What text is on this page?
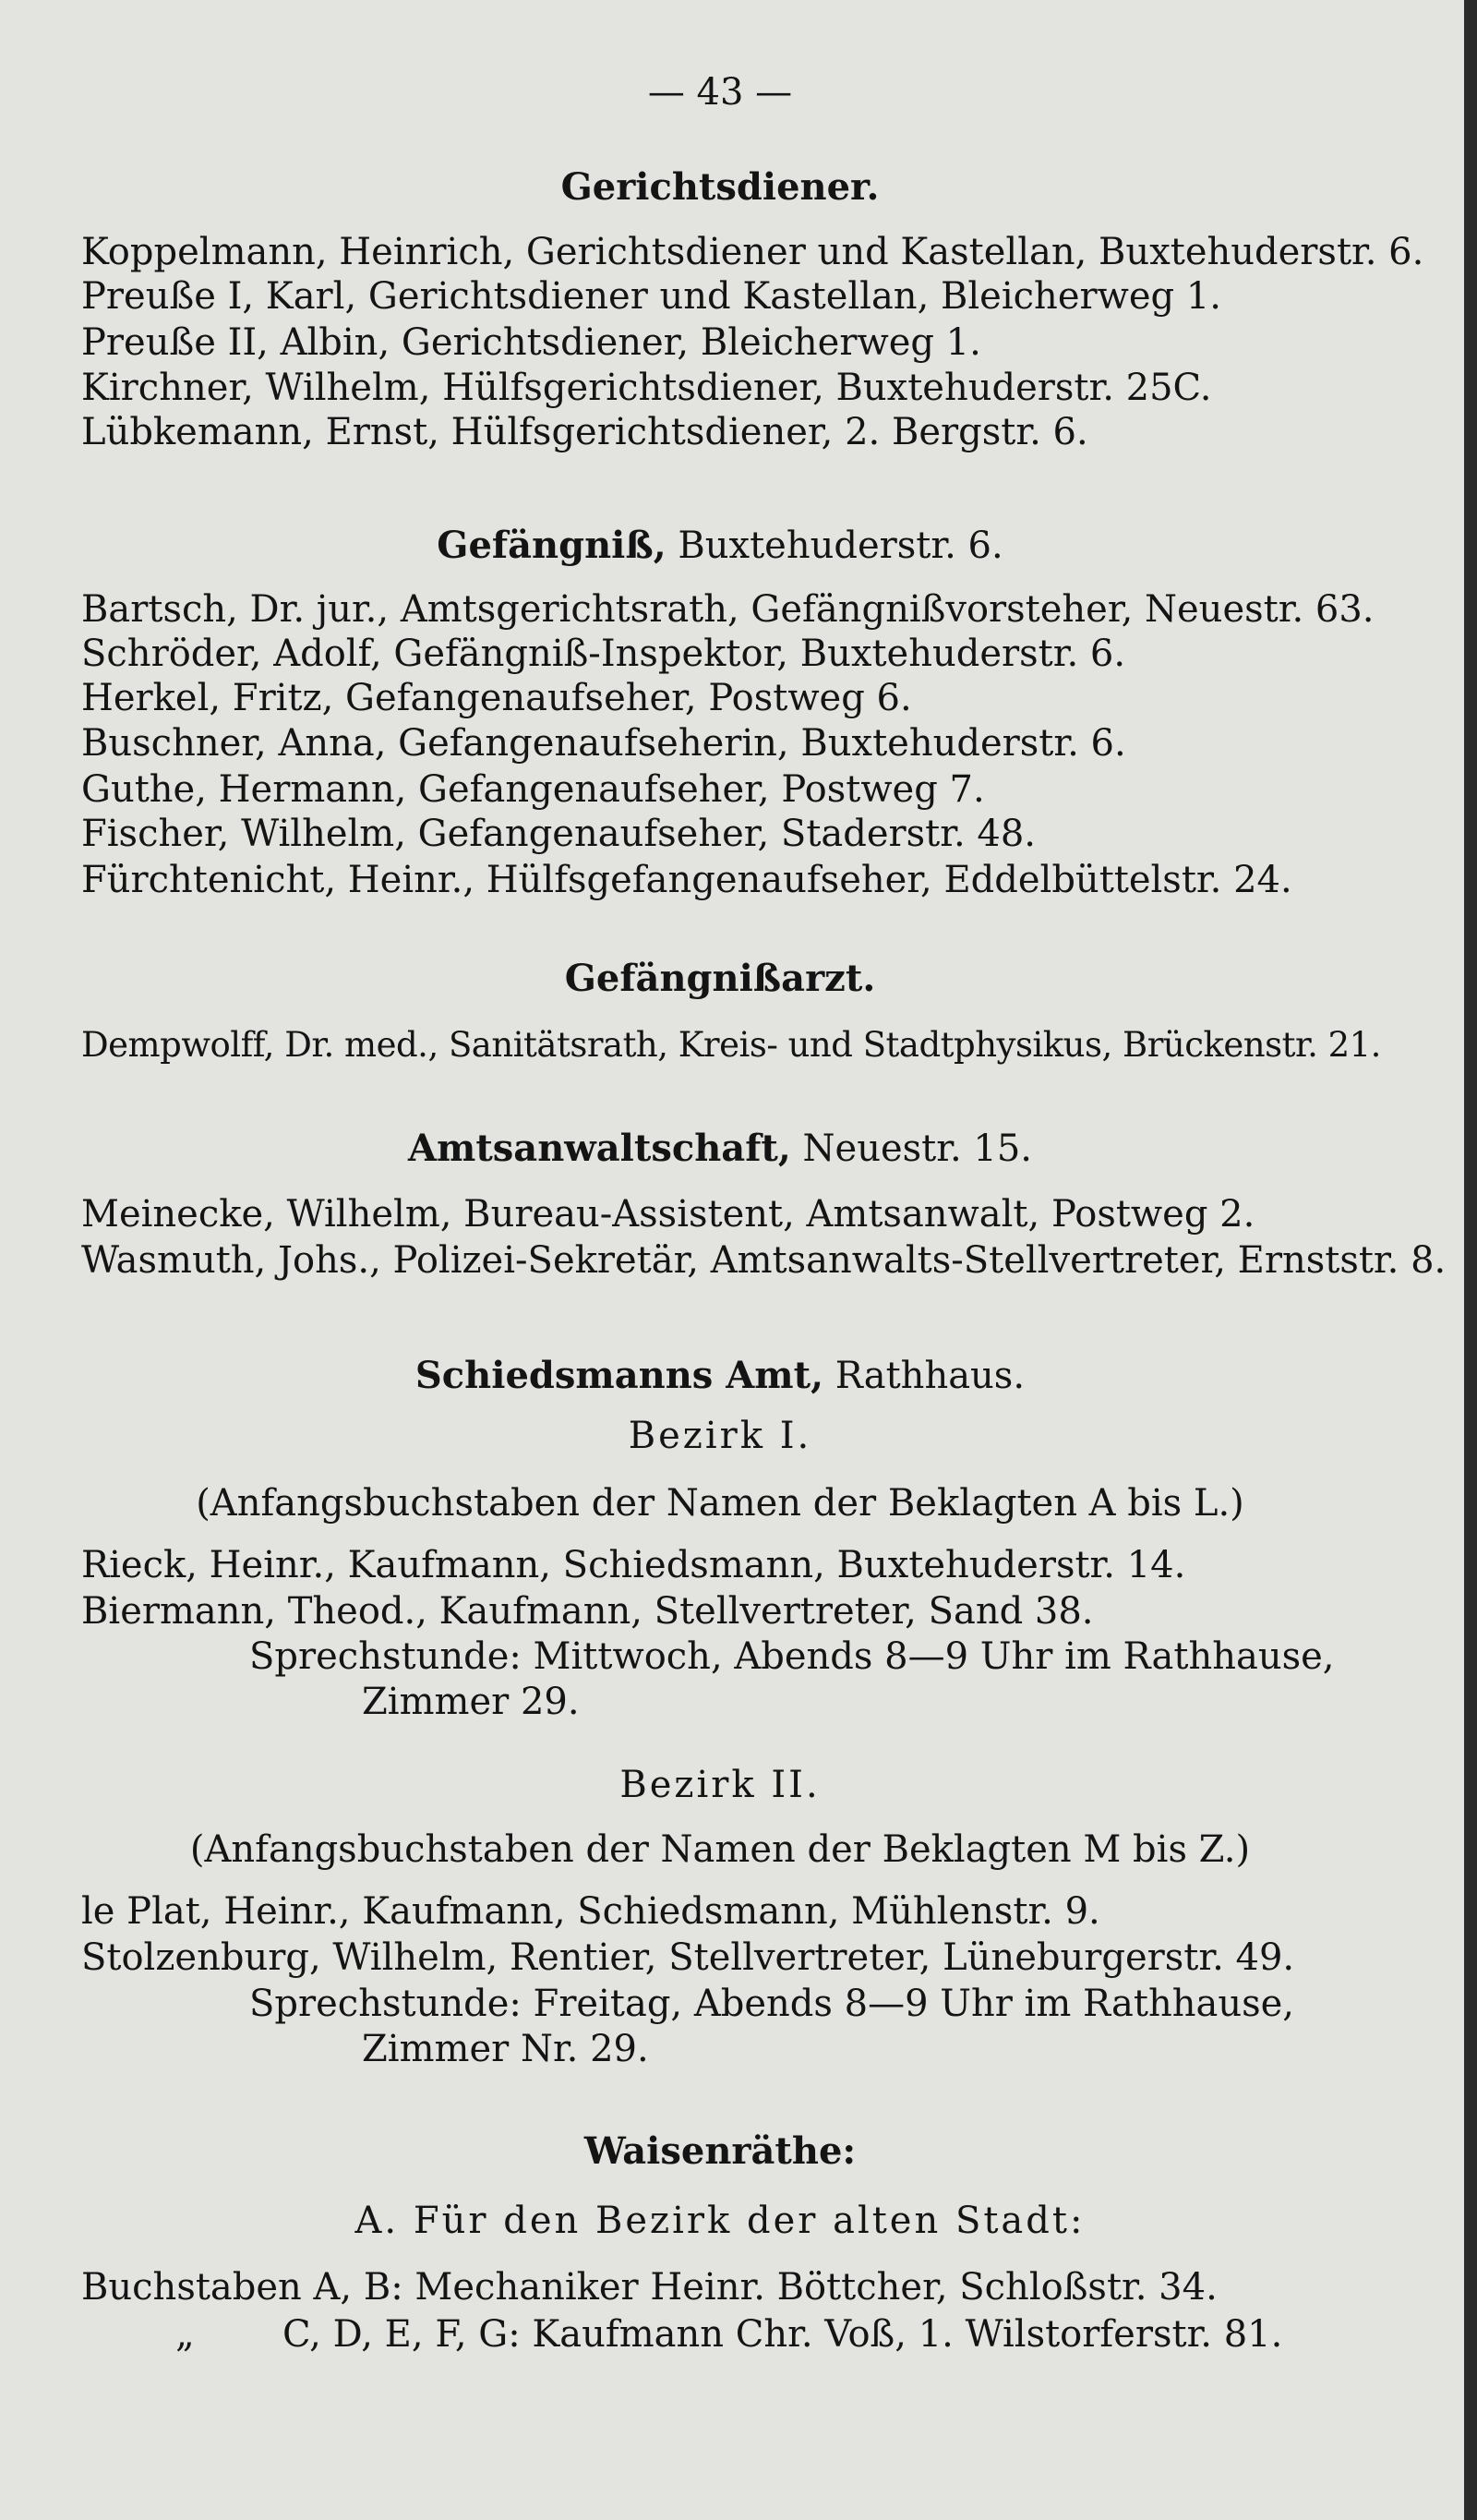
— 43 —
Gerichtsdiener.
Koppelmann, Heinrich, Gerichtsdiener und Kastellan, Buxtehuderstr. 6.
Preuße I, Karl, Gerichtsdiener und Kastellan, Bleicherweg 1.
Preuße II, Albin, Gerichtsdiener, Bleicherweg 1.
Kirchner, Wilhelm, Hülfsgerichtsdiener, Buxtehuderstr. 25C.
Lübkemann, Ernst, Hülfsgerichtsdiener, 2. Bergstr. 6.
Gefängniß, Buxtehuderstr. 6.
Bartsch, Dr. jur., Amtsgerichtsrath, Gefängnißvorsteher, Neuestr. 63.
Schröder, Adolf, Gefängniß-Inspektor, Buxtehuderstr. 6.
Herkel, Fritz, Gefangenaufseher, Postweg 6.
Buschner, Anna, Gefangenaufseherin, Buxtehuderstr. 6.
Guthe, Hermann, Gefangenaufseher, Postweg 7.
Fischer, Wilhelm, Gefangenaufseher, Staderstr. 48.
Fürchtenicht, Heinr., Hülfsgefangenaufseher, Eddelbüttelstr. 24.
Gefängnißarzt.
Dempwolff, Dr. med., Sanitätsrath, Kreis- und Stadtphysikus, Brückenstr. 21.
Amtsanwaltschaft, Neuestr. 15.
Meinecke, Wilhelm, Bureau-Assistent, Amtsanwalt, Postweg 2.
Wasmuth, Johs., Polizei-Sekretär, Amtsanwalts-Stellvertreter, Ernststr. 8.
Schiedsmanns Amt, Rathhaus.
Bezirk I.
(Anfangsbuchstaben der Namen der Beklagten A bis L.)
Rieck, Heinr., Kaufmann, Schiedsmann, Buxtehuderstr. 14.
Biermann, Theod., Kaufmann, Stellvertreter, Sand 38.
Sprechstunde: Mittwoch, Abends 8—9 Uhr im Rathhause,
Zimmer 29.
Bezirk II.
(Anfangsbuchstaben der Namen der Beklagten M bis Z.)
le Plat, Heinr., Kaufmann, Schiedsmann, Mühlenstr. 9.
Stolzenburg, Wilhelm, Rentier, Stellvertreter, Lüneburgerstr. 49.
Sprechstunde: Freitag, Abends 8—9 Uhr im Rathhause,
Zimmer Nr. 29.
Waisenräthe:
A. Für den Bezirk der alten Stadt:
Buchstaben A, B: Mechaniker Heinr. Böttcher, Schloßstr. 34.
„	C, D, E, F, G: Kaufmann Chr. Voß, 1. Wilstorferstr. 81.
